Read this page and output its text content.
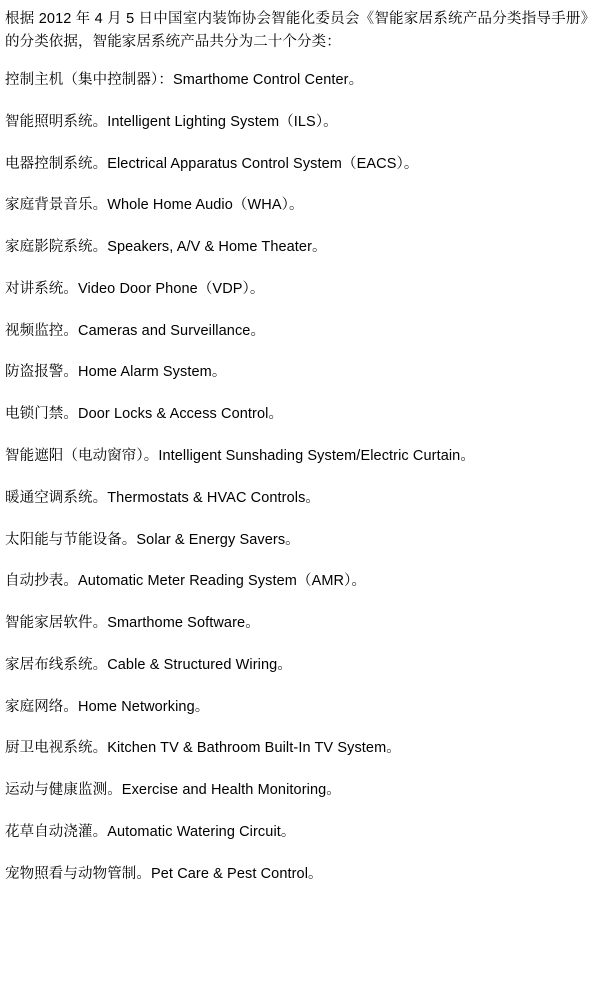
根据 2012 年 4 月 5 日中国室内装饰协会智能化委员会《智能家居系统产品分类指导手册》的分类依据，智能家居系统产品共分为二十个分类：

控制主机（集中控制器）：Smarthome Control Center。

智能照明系统。Intelligent Lighting System（ILS）。

电器控制系统。Electrical Apparatus Control System（EACS）。

家庭背景音乐。Whole Home Audio（WHA）。

家庭影院系统。Speakers, A/V & Home Theater。

对讲系统。Video Door Phone（VDP）。

视频监控。Cameras and Surveillance。

防盗报警。Home Alarm System。

电锁门禁。Door Locks & Access Control。

智能遮阳（电动窗帘）。Intelligent Sunshading System/Electric Curtain。

暖通空调系统。Thermostats & HVAC Controls。

太阳能与节能设备。Solar & Energy Savers。

自动抄表。Automatic Meter Reading System（AMR）。

智能家居软件。Smarthome Software。

家居布线系统。Cable & Structured Wiring。

家庭网络。Home Networking。

厨卫电视系统。Kitchen TV & Bathroom Built-In TV System。

运动与健康监测。Exercise and Health Monitoring。

花草自动浇灌。Automatic Watering Circuit。

宠物照看与动物管制。Pet Care & Pest Control。
